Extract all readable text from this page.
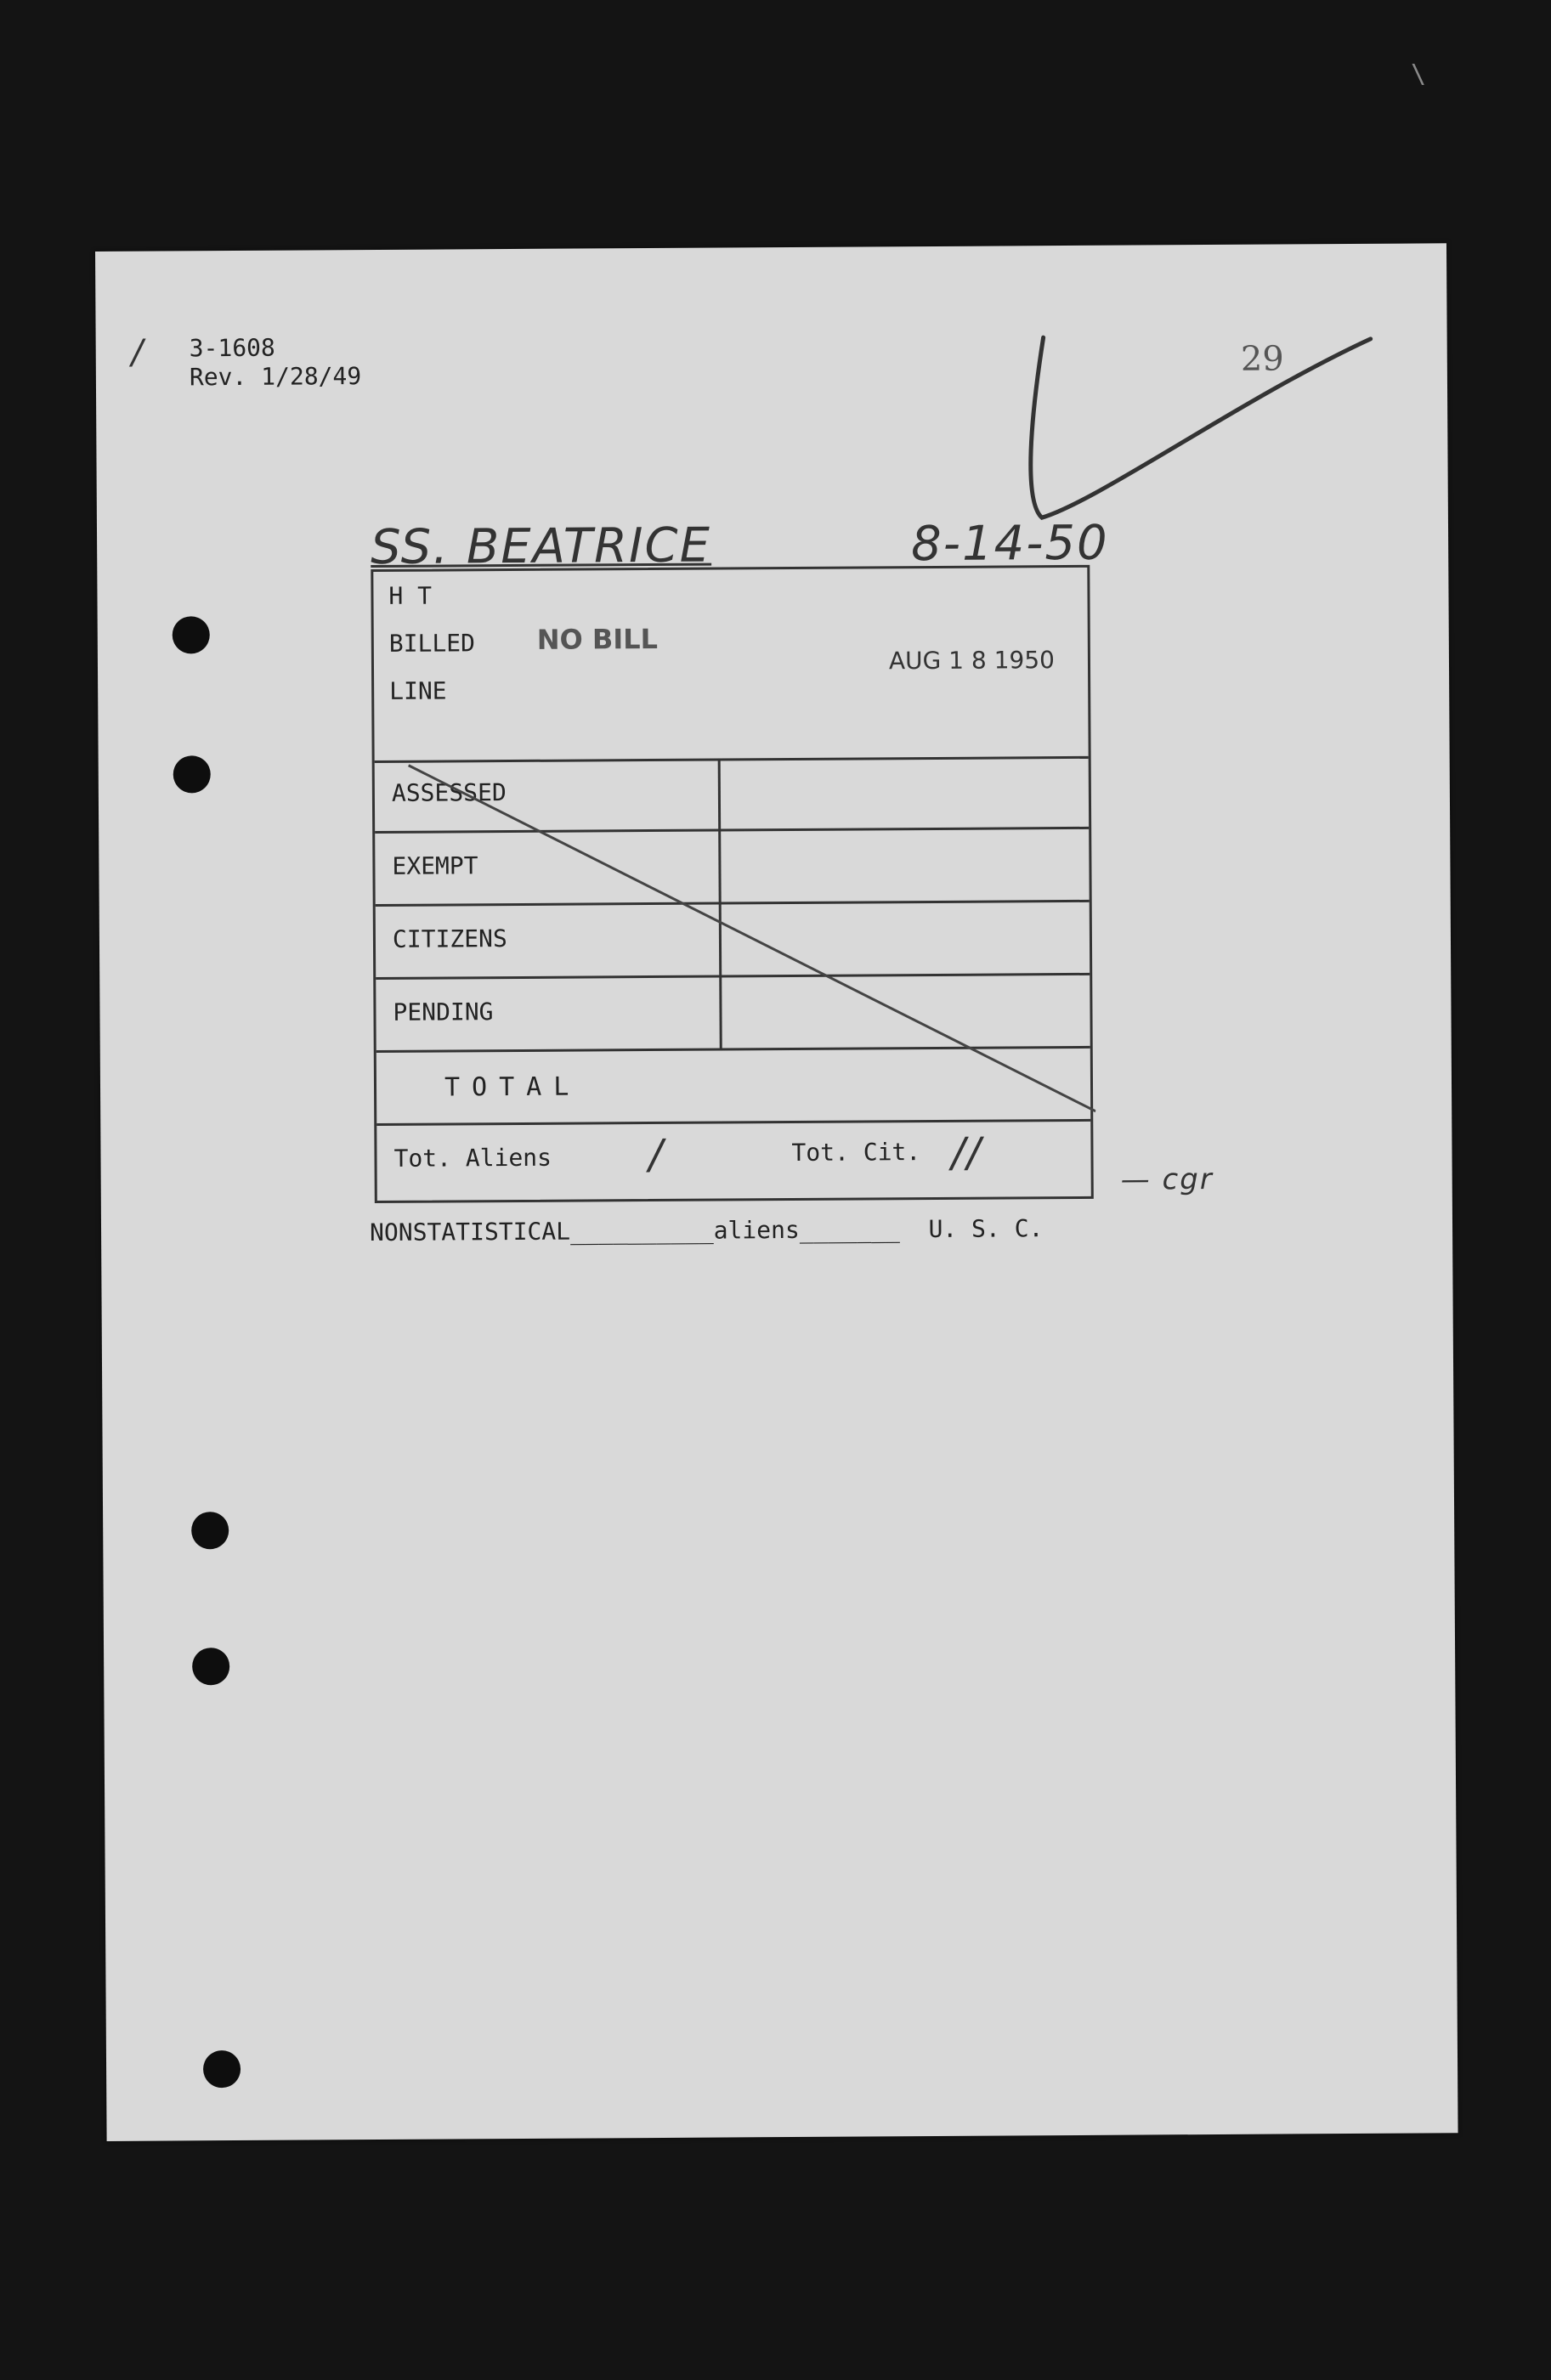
\
/ 3-1608
Rev. 1/28/49	29
SS. BEATRICE	8-14-50
H T
BILLED
LINE
NO BILL
AUG 1 8 1950
ASSESSED
EXEMPT
CITIZENS
PENDING
TOTAL
Tot. Aliens /	Tot. Cit. //
NONSTATISTICAL__________aliens_______  U. S. C.
— cgr
